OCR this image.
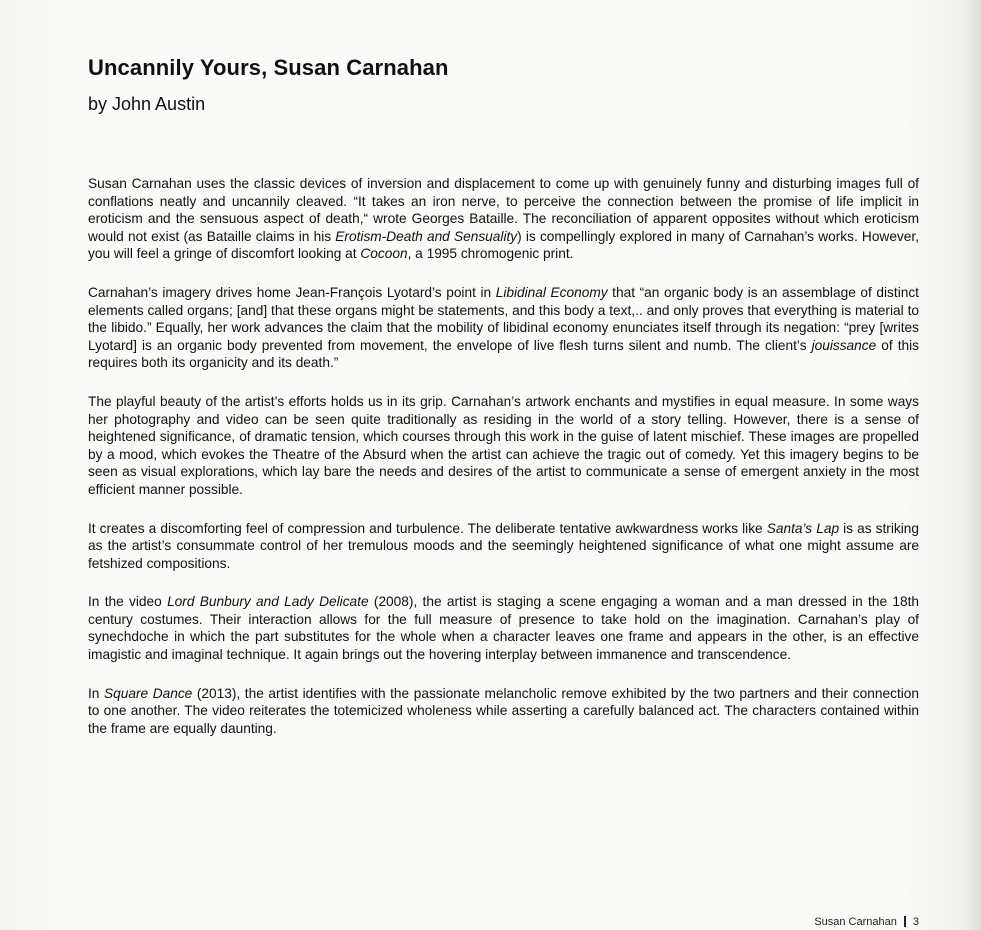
Uncannily Yours, Susan Carnahan
by John Austin

Susan Carnahan uses the classic devices of inversion and displacement to come up with genuinely funny and disturbing images full of conflations neatly and uncannily cleaved. “It takes an iron nerve, to perceive the connection between the promise of life implicit in eroticism and the sensuous aspect of death,“ wrote Georges Bataille. The reconciliation of apparent opposites without which eroticism would not exist (as Bataille claims in his Erotism-Death and Sensuality) is compellingly explored in many of Carnahan’s works. However, you will feel a gringe of discomfort looking at Cocoon, a 1995 chromogenic print.

Carnahan’s imagery drives home Jean-François Lyotard’s point in Libidinal Economy that “an organic body is an assemblage of distinct elements called organs; [and] that these organs might be statements, and this body a text,.. and only proves that everything is material to the libido.” Equally, her work advances the claim that the mobility of libidinal economy enunciates itself through its negation: “prey [writes Lyotard] is an organic body prevented from movement, the envelope of live flesh turns silent and numb. The client’s jouissance of this requires both its organicity and its death.”

The playful beauty of the artist’s efforts holds us in its grip. Carnahan’s artwork enchants and mystifies in equal measure. In some ways her photography and video can be seen quite traditionally as residing in the world of a story telling. However, there is a sense of heightened significance, of dramatic tension, which courses through this work in the guise of latent mischief. These images are propelled by a mood, which evokes the Theatre of the Absurd when the artist can achieve the tragic out of comedy. Yet this imagery begins to be seen as visual explorations, which lay bare the needs and desires of the artist to communicate a sense of emergent anxiety in the most efficient manner possible.

It creates a discomforting feel of compression and turbulence. The deliberate tentative awkwardness works like Santa’s Lap is as striking as the artist’s consummate control of her tremulous moods and the seemingly heightened significance of what one might assume are fetshized compositions.

In the video Lord Bunbury and Lady Delicate (2008), the artist is staging a scene engaging a woman and a man dressed in the 18th century costumes. Their interaction allows for the full measure of presence to take hold on the imagination. Carnahan’s play of synechdoche in which the part substitutes for the whole when a character leaves one frame and appears in the other, is an effective imagistic and imaginal technique. It again brings out the hovering interplay between immanence and transcendence.

In Square Dance (2013), the artist identifies with the passionate melancholic remove exhibited by the two partners and their connection to one another. The video reiterates the totemicized wholeness while asserting a carefully balanced act. The characters contained within the frame are equally daunting.

Susan Carnahan 3
